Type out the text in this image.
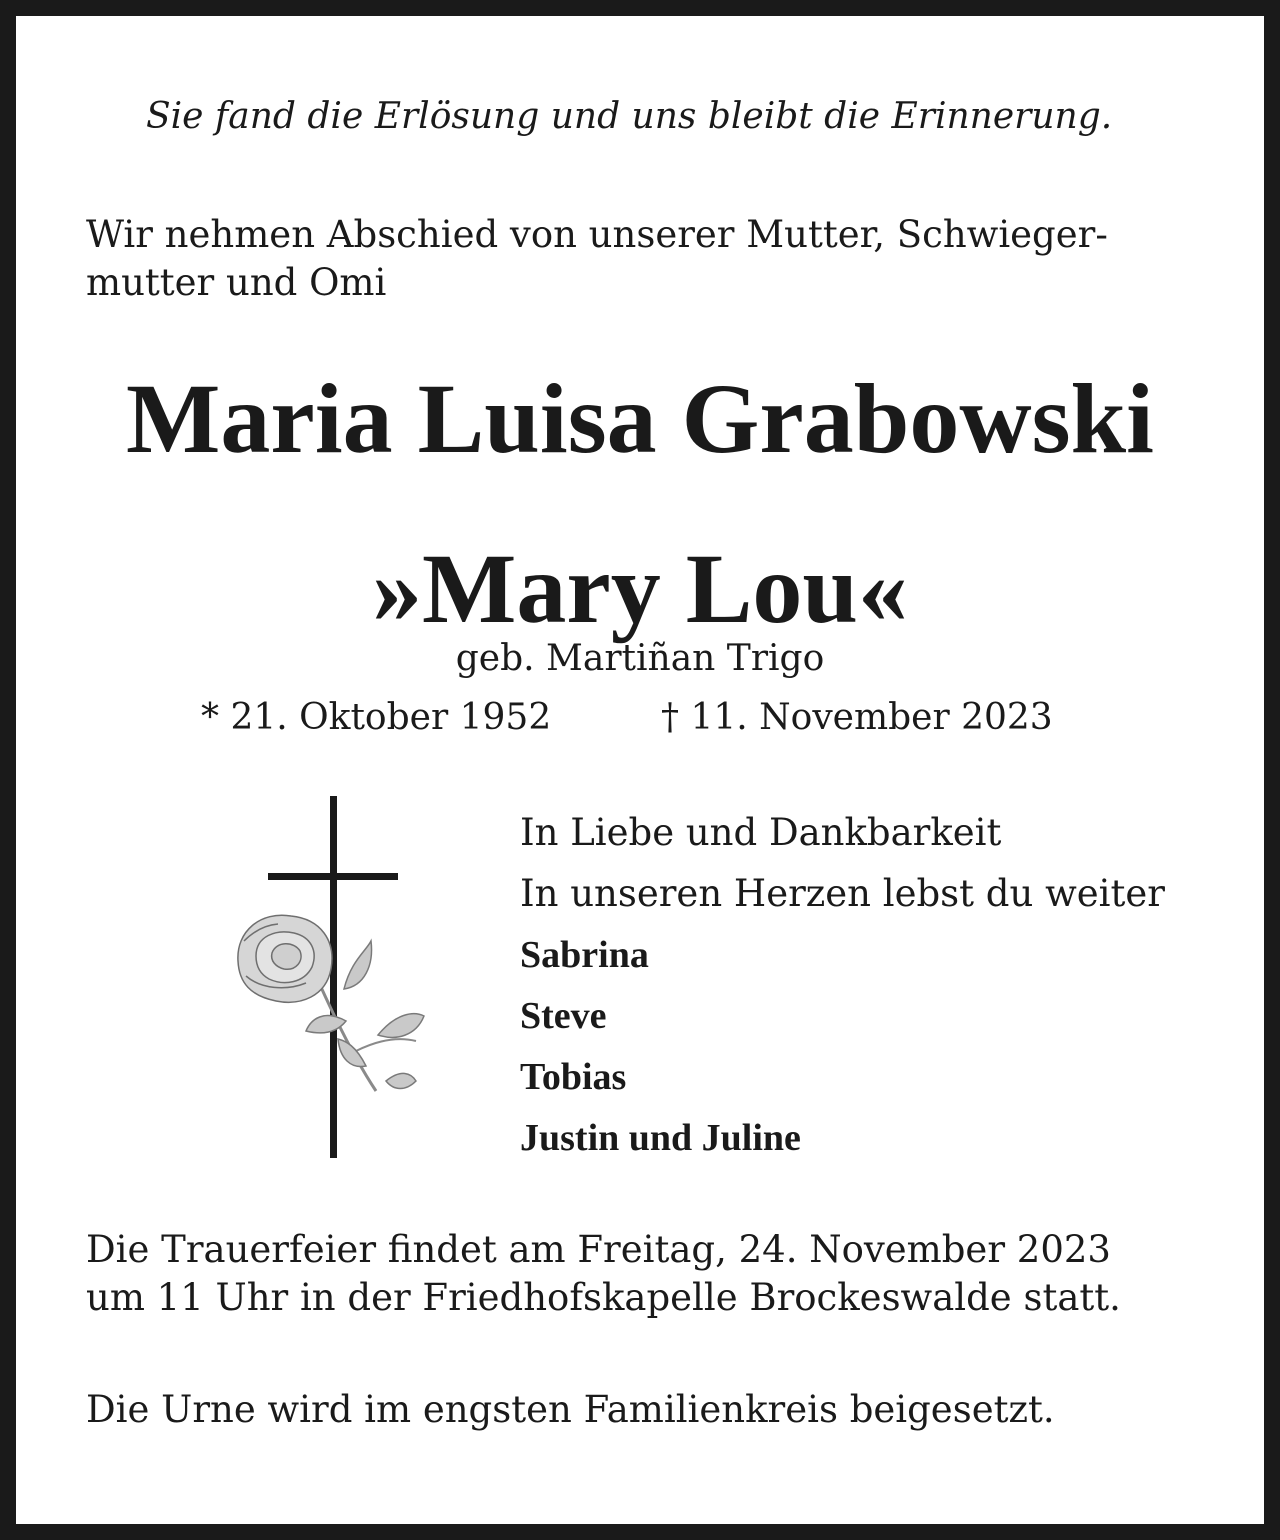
Sie fand die Erlösung und uns bleibt die Erinnerung.

Wir nehmen Abschied von unserer Mutter, Schwieger-
mutter und Omi
Maria Luisa Grabowski
»Mary Lou«

geb. Martiñan Trigo

* 21. Oktober 1952	† 11. November 2023
In Liebe und Dankbarkeit
In unseren Herzen lebst du weiter
Sabrina
Steve
Tobias
Justin und Juline
Die Trauerfeier findet am Freitag, 24. November 2023
um 11 Uhr in der Friedhofskapelle Brockeswalde statt.

Die Urne wird im engsten Familienkreis beigesetzt.
